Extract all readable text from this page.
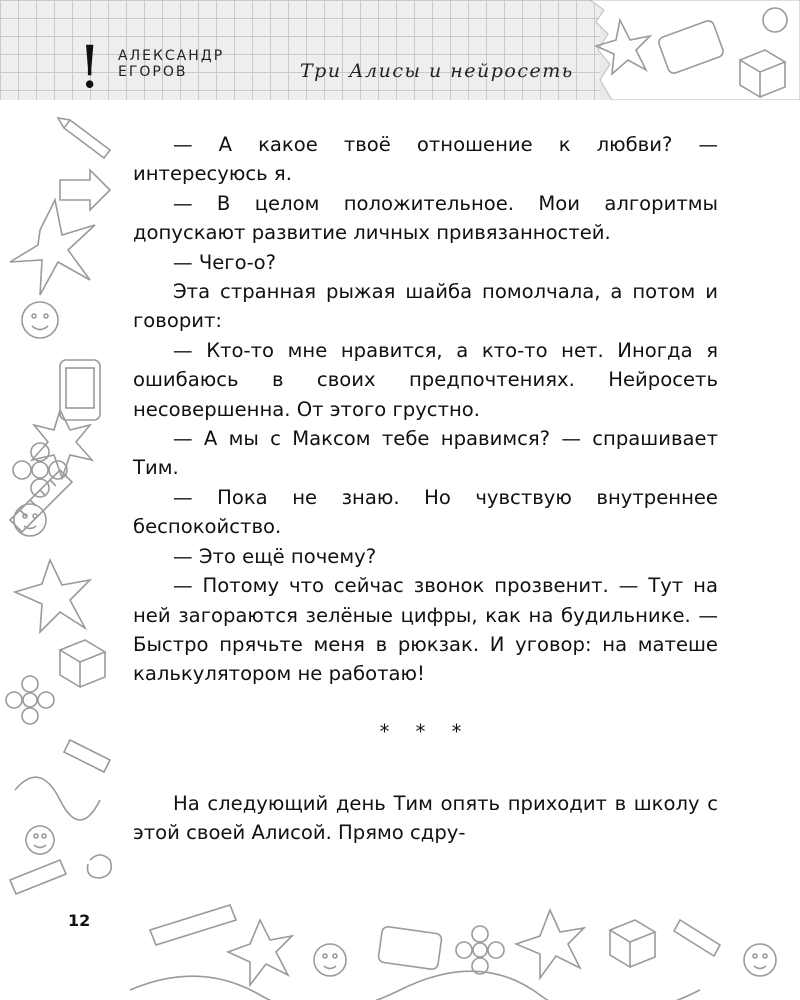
! АЛЕКСАНДР
ЕГОРОВ	Три Алисы и нейросеть

— А какое твоё отношение к любви? — интересуюсь я.

— В целом положительное. Мои алгоритмы допускают развитие личных привязанностей.

— Чего-о?

Эта странная рыжая шайба помолчала, а потом и говорит:

— Кто-то мне нравится, а кто-то нет. Иногда я ошибаюсь в своих предпочтениях. Нейросеть несовершенна. От этого грустно.

— А мы с Максом тебе нравимся? — спрашивает Тим.

— Пока не знаю. Но чувствую внутреннее беспокойство.

— Это ещё почему?

— Потому что сейчас звонок прозвенит. — Тут на ней загораются зелёные цифры, как на будильнике. — Быстро прячьте меня в рюкзак. И уговор: на матеше калькулятором не работаю!

* * *

На следующий день Тим опять приходит в школу с этой своей Алисой. Прямо сдру-

12
